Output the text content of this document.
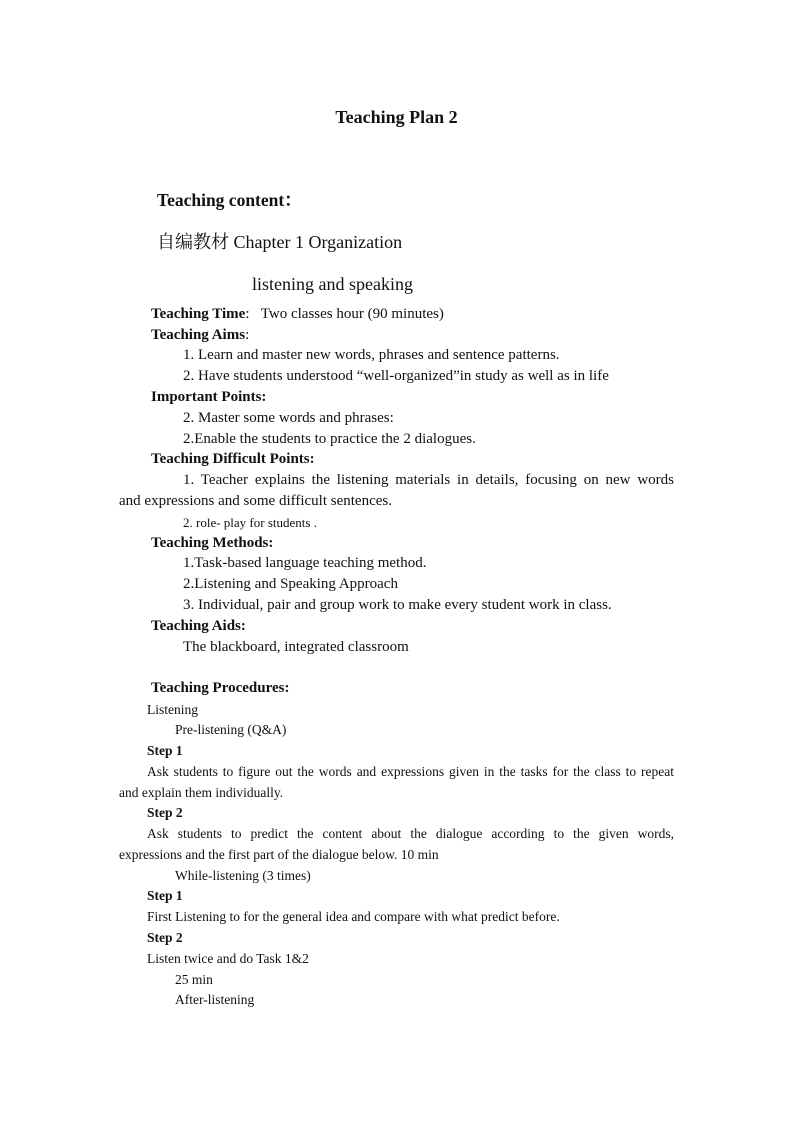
Teaching Plan 2
Teaching content：
自编教材 Chapter 1 Organization
listening and speaking
Teaching Time: Two classes hour (90 minutes)
Teaching Aims:
1. Learn and master new words, phrases and sentence patterns.
2. Have students understood “well-organized”in study as well as in life
Important Points:
2. Master some words and phrases:
2.Enable the students to practice the 2 dialogues.
Teaching Difficult Points:
1. Teacher explains the listening materials in details, focusing on new words
and expressions and some difficult sentences.
2. role- play for students .
Teaching Methods:
1.Task-based language teaching method.
2.Listening and Speaking Approach
3. Individual, pair and group work to make every student work in class.
Teaching Aids:
The blackboard, integrated classroom
Teaching Procedures:
Listening
Pre-listening (Q&A)
Step 1
Ask students to figure out the words and expressions given in the tasks for the class to repeat
and explain them individually.
Step 2
Ask students to predict the content about the dialogue according to the given words,
expressions and the first part of the dialogue below. 10 min
While-listening (3 times)
Step 1
First Listening to for the general idea and compare with what predict before.
Step 2
Listen twice and do Task 1&2
25 min
After-listening
